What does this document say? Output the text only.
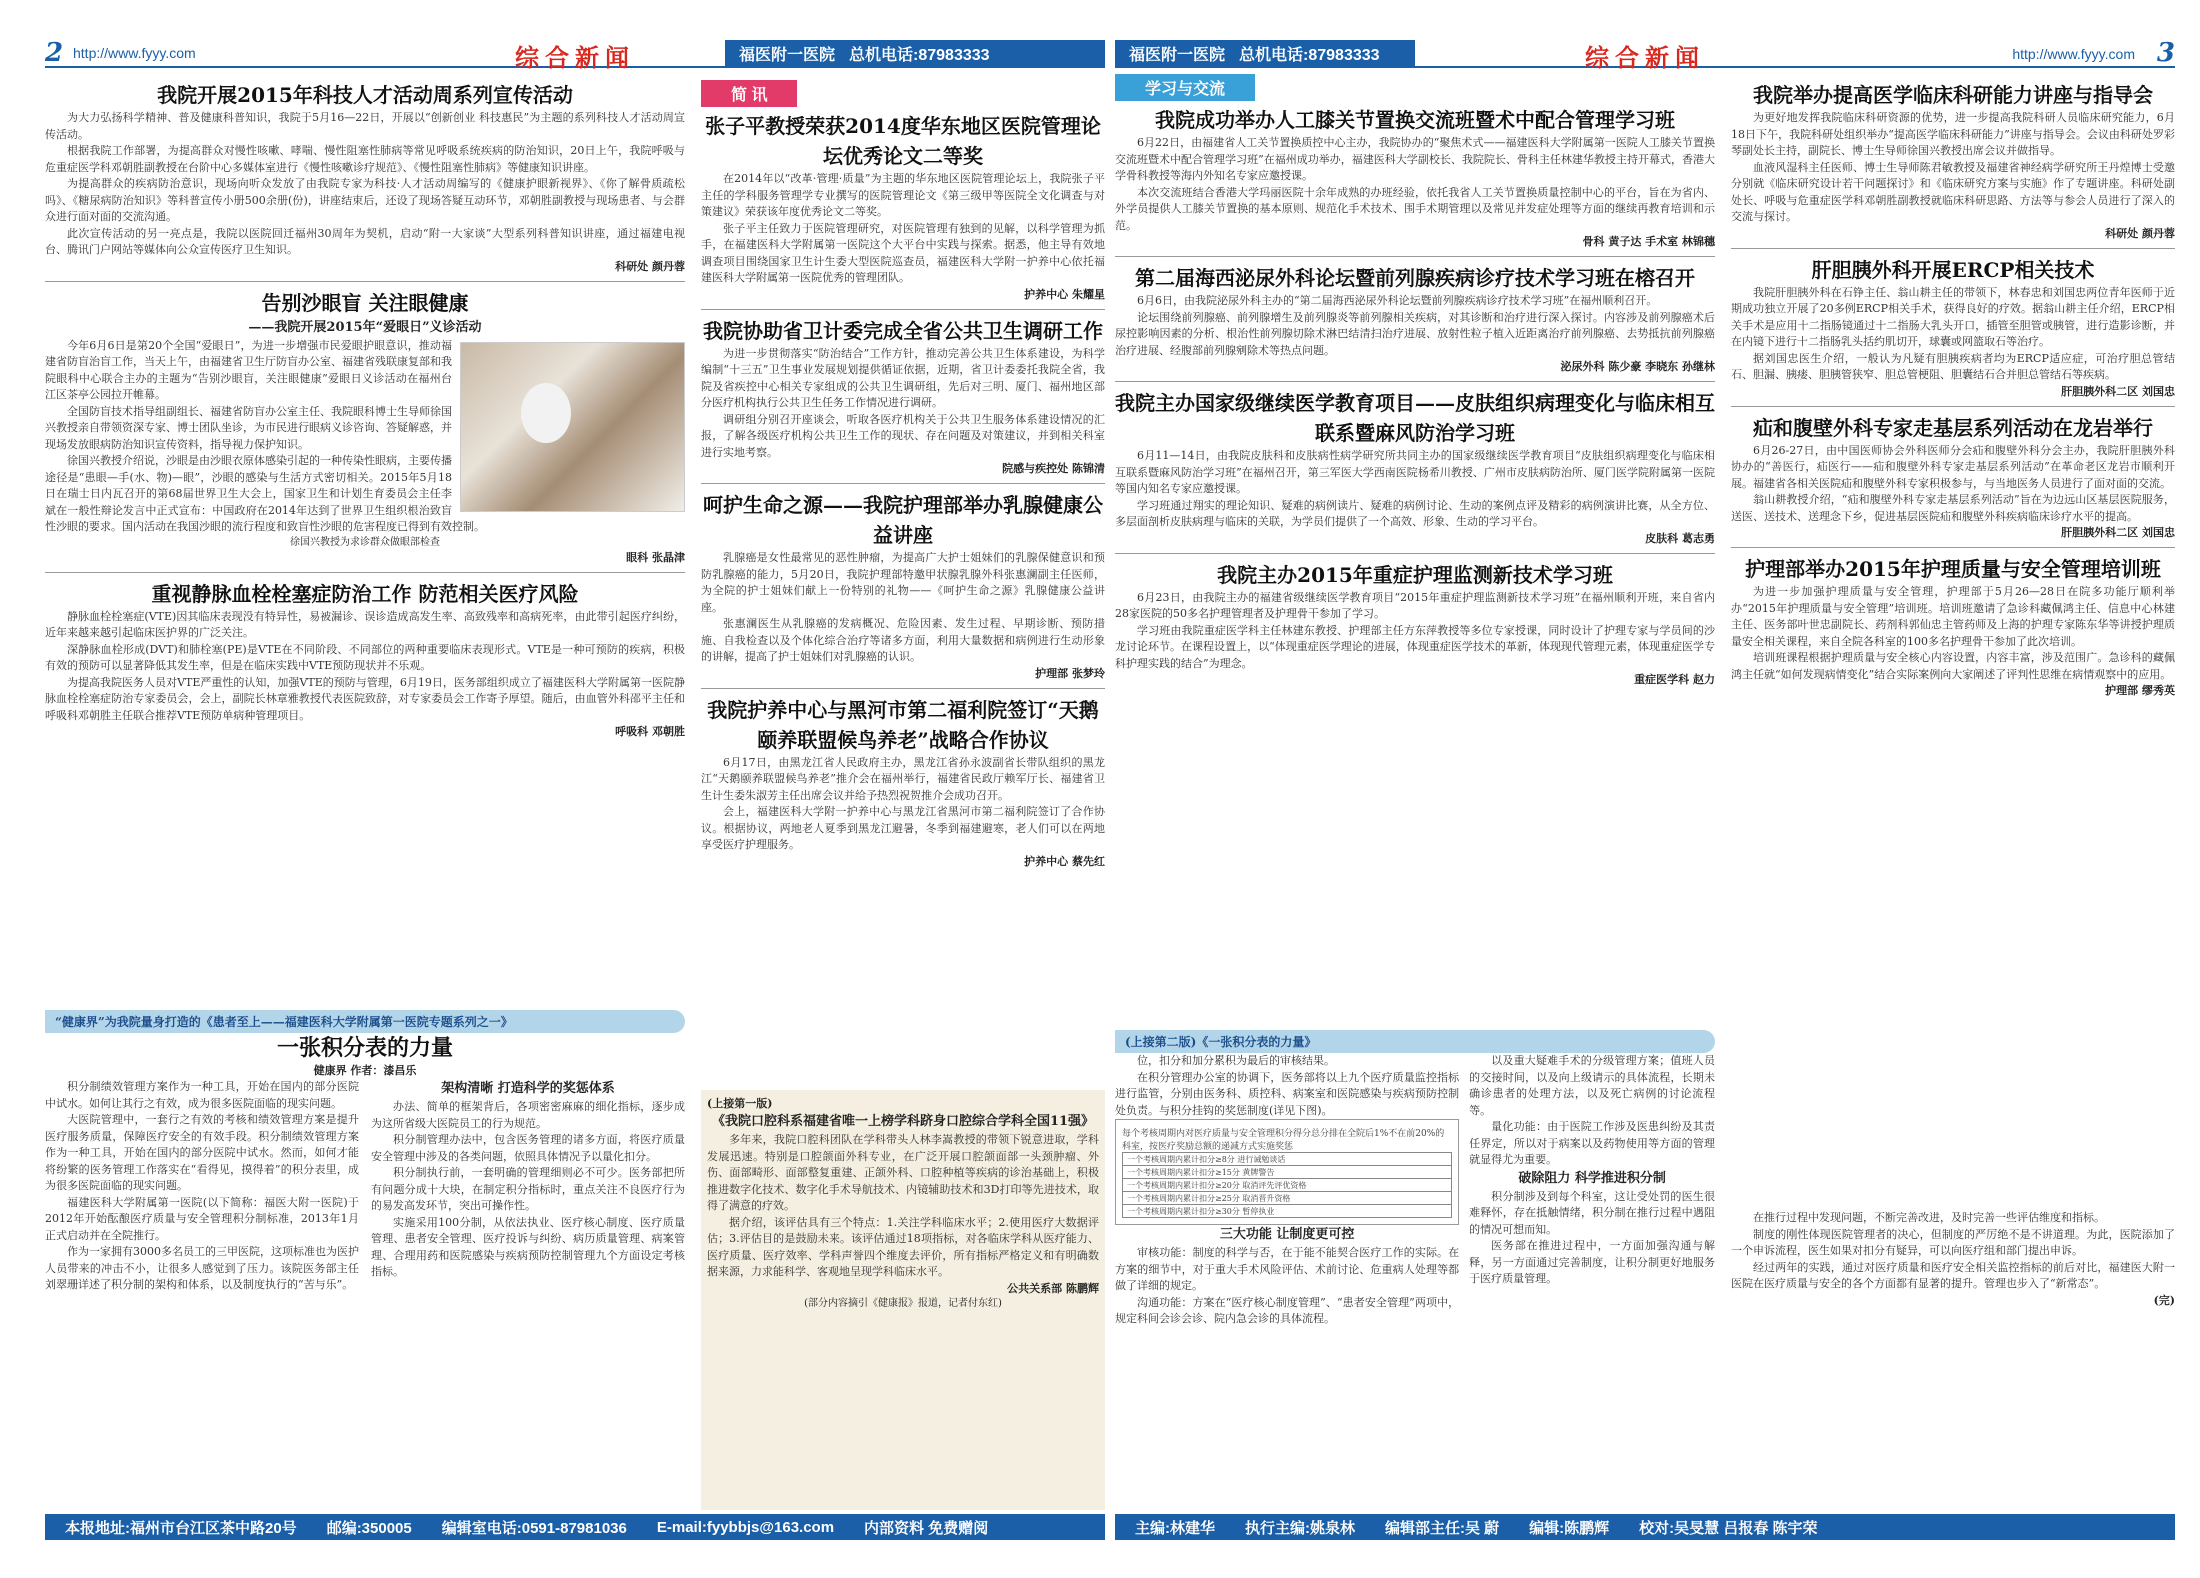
2 http://www.fyyy.com	综合新闻	福医附一医院 总机电话:87983333
我院开展2015年科技人才活动周系列宣传活动

为大力弘扬科学精神、普及健康科普知识，我院于5月16—22日，开展以“创新创业 科技惠民”为主题的系列科技人才活动周宣传活动。

根据我院工作部署，为提高群众对慢性咳嗽、哮喘、慢性阻塞性肺病等常见呼吸系统疾病的防治知识，20日上午，我院呼吸与危重症医学科邓朝胜副教授在台阶中心多媒体室进行《慢性咳嗽诊疗规范》、《慢性阻塞性肺病》等健康知识讲座。

为提高群众的疾病防治意识，现场向听众发放了由我院专家为科技·人才活动周编写的《健康护眼新视界》、《你了解骨质疏松吗》、《糖尿病防治知识》等科普宣传小册500余册(份)，讲座结束后，还设了现场答疑互动环节，邓朝胜副教授与现场患者、与会群众进行面对面的交流沟通。

此次宣传活动的另一亮点是，我院以医院回迁福州30周年为契机，启动“附一大家谈”大型系列科普知识讲座，通过福建电视台、腾讯门户网站等媒体向公众宣传医疗卫生知识。

科研处 颜丹蓉
告别沙眼盲 关注眼健康
——我院开展2015年“爱眼日”义诊活动

今年6月6日是第20个全国“爱眼日”，为进一步增强市民爱眼护眼意识，推动福建省防盲治盲工作，当天上午，由福建省卫生厅防盲办公室、福建省残联康复部和我院眼科中心联合主办的主题为“告别沙眼盲，关注眼健康”爱眼日义诊活动在福州台江区茶亭公园拉开帷幕。

全国防盲技术指导组副组长、福建省防盲办公室主任、我院眼科博士生导师徐国兴教授亲自带领资深专家、博士团队坐诊，为市民进行眼病义诊咨询、答疑解惑，并现场发放眼病防治知识宣传资料，指导视力保护知识。

徐国兴教授介绍说，沙眼是由沙眼衣原体感染引起的一种传染性眼病，主要传播途径是“患眼—手(水、物)—眼”，沙眼的感染与生活方式密切相关。2015年5月18日在瑞士日内瓦召开的第68届世界卫生大会上，国家卫生和计划生育委员会主任李斌在一般性辩论发言中正式宣布：中国政府在2014年达到了世界卫生组织根治致盲性沙眼的要求。国内活动在我国沙眼的流行程度和致盲性沙眼的危害程度已得到有效控制。

徐国兴教授为求诊群众做眼部检查
眼科 张晶津
重视静脉血栓栓塞症防治工作 防范相关医疗风险

静脉血栓栓塞症(VTE)因其临床表现没有特异性，易被漏诊、误诊造成高发生率、高致残率和高病死率，由此带引起医疗纠纷，近年来越来越引起临床医护界的广泛关注。

深静脉血栓形成(DVT)和肺栓塞(PE)是VTE在不同阶段、不同部位的两种重要临床表现形式。VTE是一种可预防的疾病，积极有效的预防可以显著降低其发生率，但是在临床实践中VTE预防现状并不乐观。

为提高我院医务人员对VTE严重性的认知，加强VTE的预防与管理，6月19日，医务部组织成立了福建医科大学附属第一医院静脉血栓栓塞症防治专家委员会，会上，副院长林章雅教授代表医院致辞，对专家委员会工作寄予厚望。随后，由血管外科邵平主任和呼吸科邓朝胜主任联合推荐VTE预防单病种管理项目。

呼吸科 邓朝胜
简 讯
张子平教授荣获2014度华东地区医院管理论坛优秀论文二等奖

在2014年以“改革·管理·质量”为主题的华东地区医院管理论坛上，我院张子平主任的学科服务管理学专业撰写的医院管理论文《第三级甲等医院全文化调查与对策建议》荣获该年度优秀论文二等奖。

张子平主任致力于医院管理研究，对医院管理有独到的见解，以科学管理为抓手，在福建医科大学附属第一医院这个大平台中实践与探索。据悉，他主导有效地调查项目围绕国家卫生计生委大型医院巡查员，福建医科大学附一护养中心依托福建医科大学附属第一医院优秀的管理团队。

护养中心 朱耀星
我院协助省卫计委完成全省公共卫生调研工作

为进一步贯彻落实“防治结合”工作方针，推动完善公共卫生体系建设，为科学编制“十三五”卫生事业发展规划提供循证依据，近期，省卫计委委托我院全省，我院及省疾控中心相关专家组成的公共卫生调研组，先后对三明、厦门、福州地区部分医疗机构执行公共卫生任务工作情况进行调研。

调研组分别召开座谈会，听取各医疗机构关于公共卫生服务体系建设情况的汇报，了解各级医疗机构公共卫生工作的现状、存在问题及对策建议，并到相关科室进行实地考察。

院感与疾控处 陈锦清
呵护生命之源——我院护理部举办乳腺健康公益讲座

乳腺癌是女性最常见的恶性肿瘤，为提高广大护士姐妹们的乳腺保健意识和预防乳腺癌的能力，5月20日，我院护理部特邀甲状腺乳腺外科张惠澜副主任医师，为全院的护士姐妹们献上一份特别的礼物——《呵护生命之源》乳腺健康公益讲座。

张惠澜医生从乳腺癌的发病概况、危险因素、发生过程、早期诊断、预防措施、自我检查以及个体化综合治疗等诸多方面，利用大量数据和病例进行生动形象的讲解，提高了护士姐妹们对乳腺癌的认识。

护理部 张梦玲
我院护养中心与黑河市第二福利院签订“天鹅颐养联盟候鸟养老”战略合作协议

6月17日，由黑龙江省人民政府主办，黑龙江省孙永波副省长带队组织的黑龙江“天鹅颐养联盟候鸟养老”推介会在福州举行，福建省民政厅赖军厅长、福建省卫生计生委朱淑芳主任出席会议并给予热烈祝贺推介会成功召开。

会上，福建医科大学附一护养中心与黑龙江省黑河市第二福利院签订了合作协议。根据协议，两地老人夏季到黑龙江避暑，冬季到福建避寒，老人们可以在两地享受医疗护理服务。

护养中心 蔡先红
“健康界”为我院量身打造的《患者至上——福建医科大学附属第一医院专题系列之一》
一张积分表的力量
健康界 作者：漆昌乐

积分制绩效管理方案作为一种工具，开始在国内的部分医院中试水。如何让其行之有效，成为很多医院面临的现实问题。

大医院管理中，一套行之有效的考核和绩效管理方案是提升医疗服务质量，保障医疗安全的有效手段。积分制绩效管理方案作为一种工具，开始在国内的部分医院中试水。然而，如何才能将纷繁的医务管理工作落实在“看得见，摸得着”的积分表里，成为很多医院面临的现实问题。

福建医科大学附属第一医院(以下简称：福医大附一医院)于2012年开始酝酿医疗质量与安全管理积分制标准，2013年1月正式启动并在全院推行。

作为一家拥有3000多名员工的三甲医院，这项标准也为医护人员带来的冲击不小，让很多人感觉到了压力。该院医务部主任刘翠珊详述了积分制的架构和体系，以及制度执行的“苦与乐”。

架构清晰 打造科学的奖惩体系

办法、简单的框架背后，各项密密麻麻的细化指标，逐步成为这所省级大医院员工的行为规范。

积分制管理办法中，包含医务管理的诸多方面，将医疗质量安全管理中涉及的各类问题，依照具体情况予以量化扣分。

积分制执行前，一套明确的管理细则必不可少。医务部把所有问题分成十大块，在制定积分指标时，重点关注不良医疗行为的易发高发环节，突出可操作性。

实施采用100分制，从依法执业、医疗核心制度、医疗质量管理、患者安全管理、医疗投诉与纠纷、病历质量管理、病案管理、合理用药和医院感染与疾病预防控制管理九个方面设定考核指标。

(上接第一版)
《我院口腔科系福建省唯一上榜学科跻身口腔综合学科全国11强》

多年来，我院口腔科团队在学科带头人林李嵩教授的带领下锐意进取，学科发展迅速。特别是口腔颌面外科专业，在广泛开展口腔颌面部一头颈肿瘤、外伤、面部畸形、面部整复重建、正颌外科、口腔种植等疾病的诊治基础上，积极推进数字化技术、数字化手术导航技术、内镜辅助技术和3D打印等先进技术，取得了满意的疗效。

据介绍，该评估具有三个特点：1.关注学科临床水平；2.使用医疗大数据评估；3.评估目的是鼓励未来。该评估通过18项指标，对各临床学科从医疗能力、医疗质量、医疗效率、学科声誉四个维度去评价，所有指标严格定义和有明确数据来源，力求能科学、客观地呈现学科临床水平。

公共关系部 陈鹏辉
(部分内容摘引《健康报》报道，记者付东红)
本报地址:福州市台江区茶中路20号 邮编:350005 编辑室电话:0591-87981036 E-mail:fyybbjs@163.com 内部资料 免费赠阅
福医附一医院 总机电话:87983333	综合新闻	http://www.fyyy.com 3
学习与交流
我院成功举办人工膝关节置换交流班暨术中配合管理学习班

6月22日，由福建省人工关节置换质控中心主办，我院协办的“聚焦术式——福建医科大学附属第一医院人工膝关节置换交流班暨术中配合管理学习班”在福州成功举办，福建医科大学副校长、我院院长、骨科主任林建华教授主持开幕式，香港大学骨科教授等海内外知名专家应邀授课。

本次交流班结合香港大学玛丽医院十余年成熟的办班经验，依托我省人工关节置换质量控制中心的平台，旨在为省内、外学员提供人工膝关节置换的基本原则、规范化手术技术、围手术期管理以及常见并发症处理等方面的继续再教育培训和示范。

骨科 黄子达 手术室 林锦穗
第二届海西泌尿外科论坛暨前列腺疾病诊疗技术学习班在榕召开

6月6日，由我院泌尿外科主办的“第二届海西泌尿外科论坛暨前列腺疾病诊疗技术学习班”在福州顺利召开。

论坛围绕前列腺癌、前列腺增生及前列腺炎等前列腺相关疾病，对其诊断和治疗进行深入探讨。内容涉及前列腺癌术后尿控影响因素的分析、根治性前列腺切除术淋巴结清扫治疗进展、放射性粒子植入近距离治疗前列腺癌、去势抵抗前列腺癌治疗进展、经腹部前列腺剜除术等热点问题。

泌尿外科 陈少豪 李晓东 孙继林
我院主办国家级继续医学教育项目——皮肤组织病理变化与临床相互联系暨麻风防治学习班

6月11—14日，由我院皮肤科和皮肤病性病学研究所共同主办的国家级继续医学教育项目“皮肤组织病理变化与临床相互联系暨麻风防治学习班”在福州召开，第三军医大学西南医院杨希川教授、广州市皮肤病防治所、厦门医学院附属第一医院等国内知名专家应邀授课。

学习班通过翔实的理论知识、疑难的病例读片、疑难的病例讨论、生动的案例点评及精彩的病例演讲比赛，从全方位、多层面剖析皮肤病理与临床的关联，为学员们提供了一个高效、形象、生动的学习平台。

皮肤科 葛志勇
我院主办2015年重症护理监测新技术学习班

6月23日，由我院主办的福建省级继续医学教育项目“2015年重症护理监测新技术学习班”在福州顺利开班，来自省内28家医院的50多名护理管理者及护理骨干参加了学习。

学习班由我院重症医学科主任林建东教授、护理部主任方东萍教授等多位专家授课，同时设计了护理专家与学员间的沙龙讨论环节。在课程设置上，以“体现重症医学理论的进展，体现重症医学技术的革新，体现现代管理元素，体现重症医学专科护理实践的结合”为理念。

重症医学科 赵力
我院举办提高医学临床科研能力讲座与指导会

为更好地发挥我院临床科研资源的优势，进一步提高我院科研人员临床研究能力，6月18日下午，我院科研处组织举办“提高医学临床科研能力”讲座与指导会。会议由科研处罗彩琴副处长主持，副院长、博士生导师徐国兴教授出席会议并做指导。

血液风湿科主任医师、博士生导师陈君敏教授及福建省神经病学研究所王丹煌博士受邀分别就《临床研究设计若干问题探讨》和《临床研究方案与实施》作了专题讲座。科研处副处长、呼吸与危重症医学科邓朝胜副教授就临床科研思路、方法等与参会人员进行了深入的交流与探讨。

科研处 颜丹蓉
肝胆胰外科开展ERCP相关技术

我院肝胆胰外科在石铮主任、翁山耕主任的带领下，林春忠和刘国忠两位青年医师于近期成功独立开展了20多例ERCP相关手术，获得良好的疗效。据翁山耕主任介绍，ERCP相关手术是应用十二指肠镜通过十二指肠大乳头开口，插管至胆管或胰管，进行造影诊断，并在内镜下进行十二指肠乳头括约肌切开，球囊或网篮取石等治疗。

据刘国忠医生介绍，一般认为凡疑有胆胰疾病者均为ERCP适应症，可治疗胆总管结石、胆漏、胰瘘、胆胰管狭窄、胆总管梗阻、胆囊结石合并胆总管结石等疾病。

肝胆胰外科二区 刘国忠
疝和腹壁外科专家走基层系列活动在龙岩举行

6月26-27日，由中国医师协会外科医师分会疝和腹壁外科分会主办，我院肝胆胰外科协办的“善医行，疝医行——疝和腹壁外科专家走基层系列活动”在革命老区龙岩市顺利开展。福建省各相关医院疝和腹壁外科专家积极参与，与当地医务人员进行了面对面的交流。

翁山耕教授介绍，“疝和腹壁外科专家走基层系列活动”旨在为边远山区基层医院服务，送医、送技术、送理念下乡，促进基层医院疝和腹壁外科疾病临床诊疗水平的提高。

肝胆胰外科二区 刘国忠
护理部举办2015年护理质量与安全管理培训班

为进一步加强护理质量与安全管理，护理部于5月26—28日在院多功能厅顺利举办“2015年护理质量与安全管理”培训班。培训班邀请了急诊科藏佩鸿主任、信息中心林建主任、医务部叶世忠副院长、药剂科郭仙忠主管药师及上海的护理专家陈东华等讲授护理质量安全相关课程，来自全院各科室的100多名护理骨干参加了此次培训。

培训班课程根据护理质量与安全核心内容设置，内容丰富，涉及范围广。急诊科的藏佩鸿主任就“如何发现病情变化”结合实际案例向大家阐述了评判性思维在病情观察中的应用。

护理部 缪秀英
(上接第二版)《一张积分表的力量》

位，扣分和加分累积为最后的审核结果。

在积分管理办公室的协调下，医务部将以上九个医疗质量监控指标进行监管，分别由医务科、质控科、病案室和医院感染与疾病预防控制处负责。与积分挂钩的奖惩制度(详见下图)。

每个考核周期内对医疗质量与安全管理积分得分总分排在全院后1%不在前20%的科室，按医疗奖励总额的递减方式实施奖惩
一个考核周期内累计扣分≥8分 进行诫勉谈话
一个考核周期内累计扣分≥15分 黄牌警告
一个考核周期内累计扣分≥20分 取消评先评优资格
一个考核周期内累计扣分≥25分 取消晋升资格
一个考核周期内累计扣分≥30分 暂停执业
三大功能 让制度更可控

审核功能：制度的科学与否，在于能不能契合医疗工作的实际。在方案的细节中，对于重大手术风险评估、术前讨论、危重病人处理等都做了详细的规定。

沟通功能：方案在“医疗核心制度管理”、“患者安全管理”两项中，规定科间会诊会诊、院内急会诊的具体流程。

以及重大疑难手术的分级管理方案；值班人员的交接时间，以及向上级请示的具体流程，长期未确诊患者的处理方法，以及死亡病例的讨论流程等。

量化功能：由于医院工作涉及医患纠纷及其责任界定，所以对于病案以及药物使用等方面的管理就显得尤为重要。

破除阻力 科学推进积分制

积分制涉及到每个科室，这让受处罚的医生很难释怀，存在抵触情绪，积分制在推行过程中遇阻的情况可想而知。

医务部在推进过程中，一方面加强沟通与解释，另一方面通过完善制度，让积分制更好地服务于医疗质量管理。

在推行过程中发现问题，不断完善改进，及时完善一些评估维度和指标。

制度的刚性体现医院管理者的决心，但制度的严厉绝不是不讲道理。为此，医院添加了一个申诉流程，医生如果对扣分有疑异，可以向医疗组和部门提出申诉。

经过两年的实践，通过对医疗质量和医疗安全相关监控指标的前后对比，福建医大附一医院在医疗质量与安全的各个方面都有显著的提升。管理也步入了“新常态”。

(完)
主编:林建华 执行主编:姚泉林 编辑部主任:吴 蔚 编辑:陈鹏辉 校对:吴旻慧 吕报春 陈宇荣
